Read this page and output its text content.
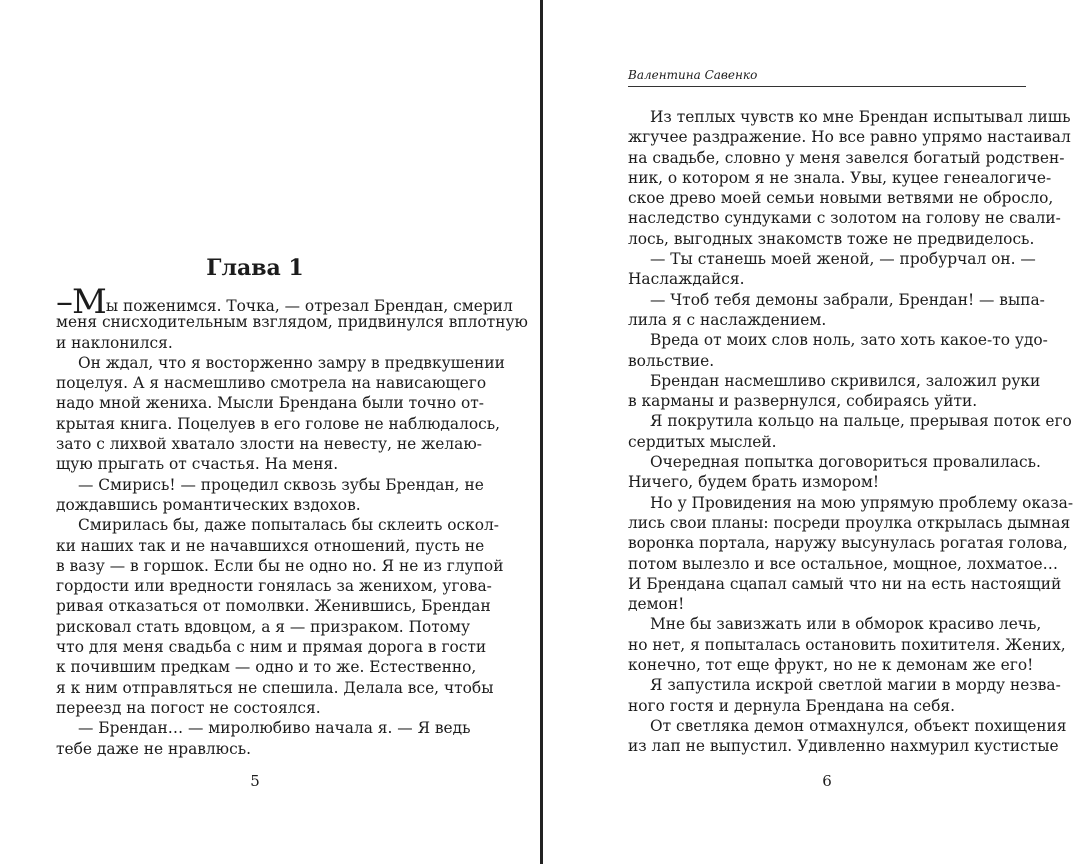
Глава 1
–Мы поженимся. Точка, — отрезал Брендан, смерил
меня снисходительным взглядом, придвинулся вплотную
и наклонился.
Он ждал, что я восторженно замру в предвкушении
поцелуя. А я насмешливо смотрела на нависающего
надо мной жениха. Мысли Брендана были точно от-
крытая книга. Поцелуев в его голове не наблюдалось,
зато с лихвой хватало злости на невесту, не желаю-
щую прыгать от счастья. На меня.
— Смирись! — процедил сквозь зубы Брендан, не
дождавшись романтических вздохов.
Смирилась бы, даже попыталась бы склеить оскол-
ки наших так и не начавшихся отношений, пусть не
в вазу — в горшок. Если бы не одно но. Я не из глупой
гордости или вредности гонялась за женихом, угова-
ривая отказаться от помолвки. Женившись, Брендан
рисковал стать вдовцом, а я — призраком. Потому
что для меня свадьба с ним и прямая дорога в гости
к почившим предкам — одно и то же. Естественно,
я к ним отправляться не спешила. Делала все, чтобы
переезд на погост не состоялся.
— Брендан… — миролюбиво начала я. — Я ведь
тебе даже не нравлюсь.
5
Валентина Савенко
Из теплых чувств ко мне Брендан испытывал лишь
жгучее раздражение. Но все равно упрямо настаивал
на свадьбе, словно у меня завелся богатый родствен-
ник, о котором я не знала. Увы, куцее генеалогиче-
ское древо моей семьи новыми ветвями не обросло,
наследство сундуками с золотом на голову не свали-
лось, выгодных знакомств тоже не предвиделось.
— Ты станешь моей женой, — пробурчал он. —
Наслаждайся.
— Чтоб тебя демоны забрали, Брендан! — выпа-
лила я с наслаждением.
Вреда от моих слов ноль, зато хоть какое-то удо-
вольствие.
Брендан насмешливо скривился, заложил руки
в карманы и развернулся, собираясь уйти.
Я покрутила кольцо на пальце, прерывая поток его
сердитых мыслей.
Очередная попытка договориться провалилась.
Ничего, будем брать измором!
Но у Провидения на мою упрямую проблему оказа-
лись свои планы: посреди проулка открылась дымная
воронка портала, наружу высунулась рогатая голова,
потом вылезло и все остальное, мощное, лохматое…
И Брендана сцапал самый что ни на есть настоящий
демон!
Мне бы завизжать или в обморок красиво лечь,
но нет, я попыталась остановить похитителя. Жених,
конечно, тот еще фрукт, но не к демонам же его!
Я запустила искрой светлой магии в морду незва-
ного гостя и дернула Брендана на себя.
От светляка демон отмахнулся, объект похищения
из лап не выпустил. Удивленно нахмурил кустистые
6
